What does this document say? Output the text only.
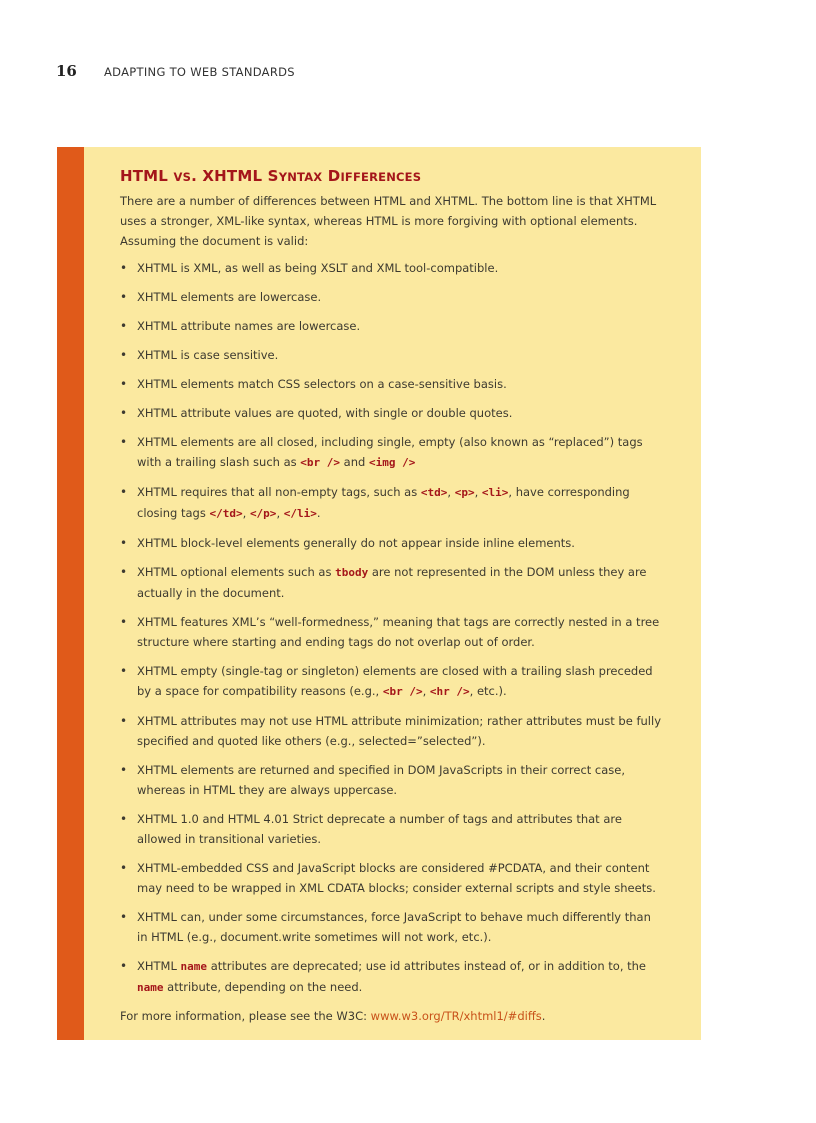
16	ADAPTING TO WEB STANDARDS
HTML VS. XHTML SYNTAX DIFFERENCES

There are a number of differences between HTML and XHTML. The bottom line is that XHTML uses a stronger, XML-like syntax, whereas HTML is more forgiving with optional elements. Assuming the document is valid:

• XHTML is XML, as well as being XSLT and XML tool-compatible.
• XHTML elements are lowercase.
• XHTML attribute names are lowercase.
• XHTML is case sensitive.
• XHTML elements match CSS selectors on a case-sensitive basis.
• XHTML attribute values are quoted, with single or double quotes.
• XHTML elements are all closed, including single, empty (also known as “replaced”) tags with a trailing slash such as <br /> and <img />
• XHTML requires that all non-empty tags, such as <td>, <p>, <li>, have corresponding closing tags </td>, </p>, </li>.
• XHTML block-level elements generally do not appear inside inline elements.
• XHTML optional elements such as tbody are not represented in the DOM unless they are actually in the document.
• XHTML features XML’s “well-formedness,” meaning that tags are correctly nested in a tree structure where starting and ending tags do not overlap out of order.
• XHTML empty (single-tag or singleton) elements are closed with a trailing slash preceded by a space for compatibility reasons (e.g., <br />, <hr />, etc.).
• XHTML attributes may not use HTML attribute minimization; rather attributes must be fully specified and quoted like others (e.g., selected=”selected”).
• XHTML elements are returned and specified in DOM JavaScripts in their correct case, whereas in HTML they are always uppercase.
• XHTML 1.0 and HTML 4.01 Strict deprecate a number of tags and attributes that are allowed in transitional varieties.
• XHTML-embedded CSS and JavaScript blocks are considered #PCDATA, and their content may need to be wrapped in XML CDATA blocks; consider external scripts and style sheets.
• XHTML can, under some circumstances, force JavaScript to behave much differently than in HTML (e.g., document.write sometimes will not work, etc.).
• XHTML name attributes are deprecated; use id attributes instead of, or in addition to, the name attribute, depending on the need.

For more information, please see the W3C: www.w3.org/TR/xhtml1/#diffs.
